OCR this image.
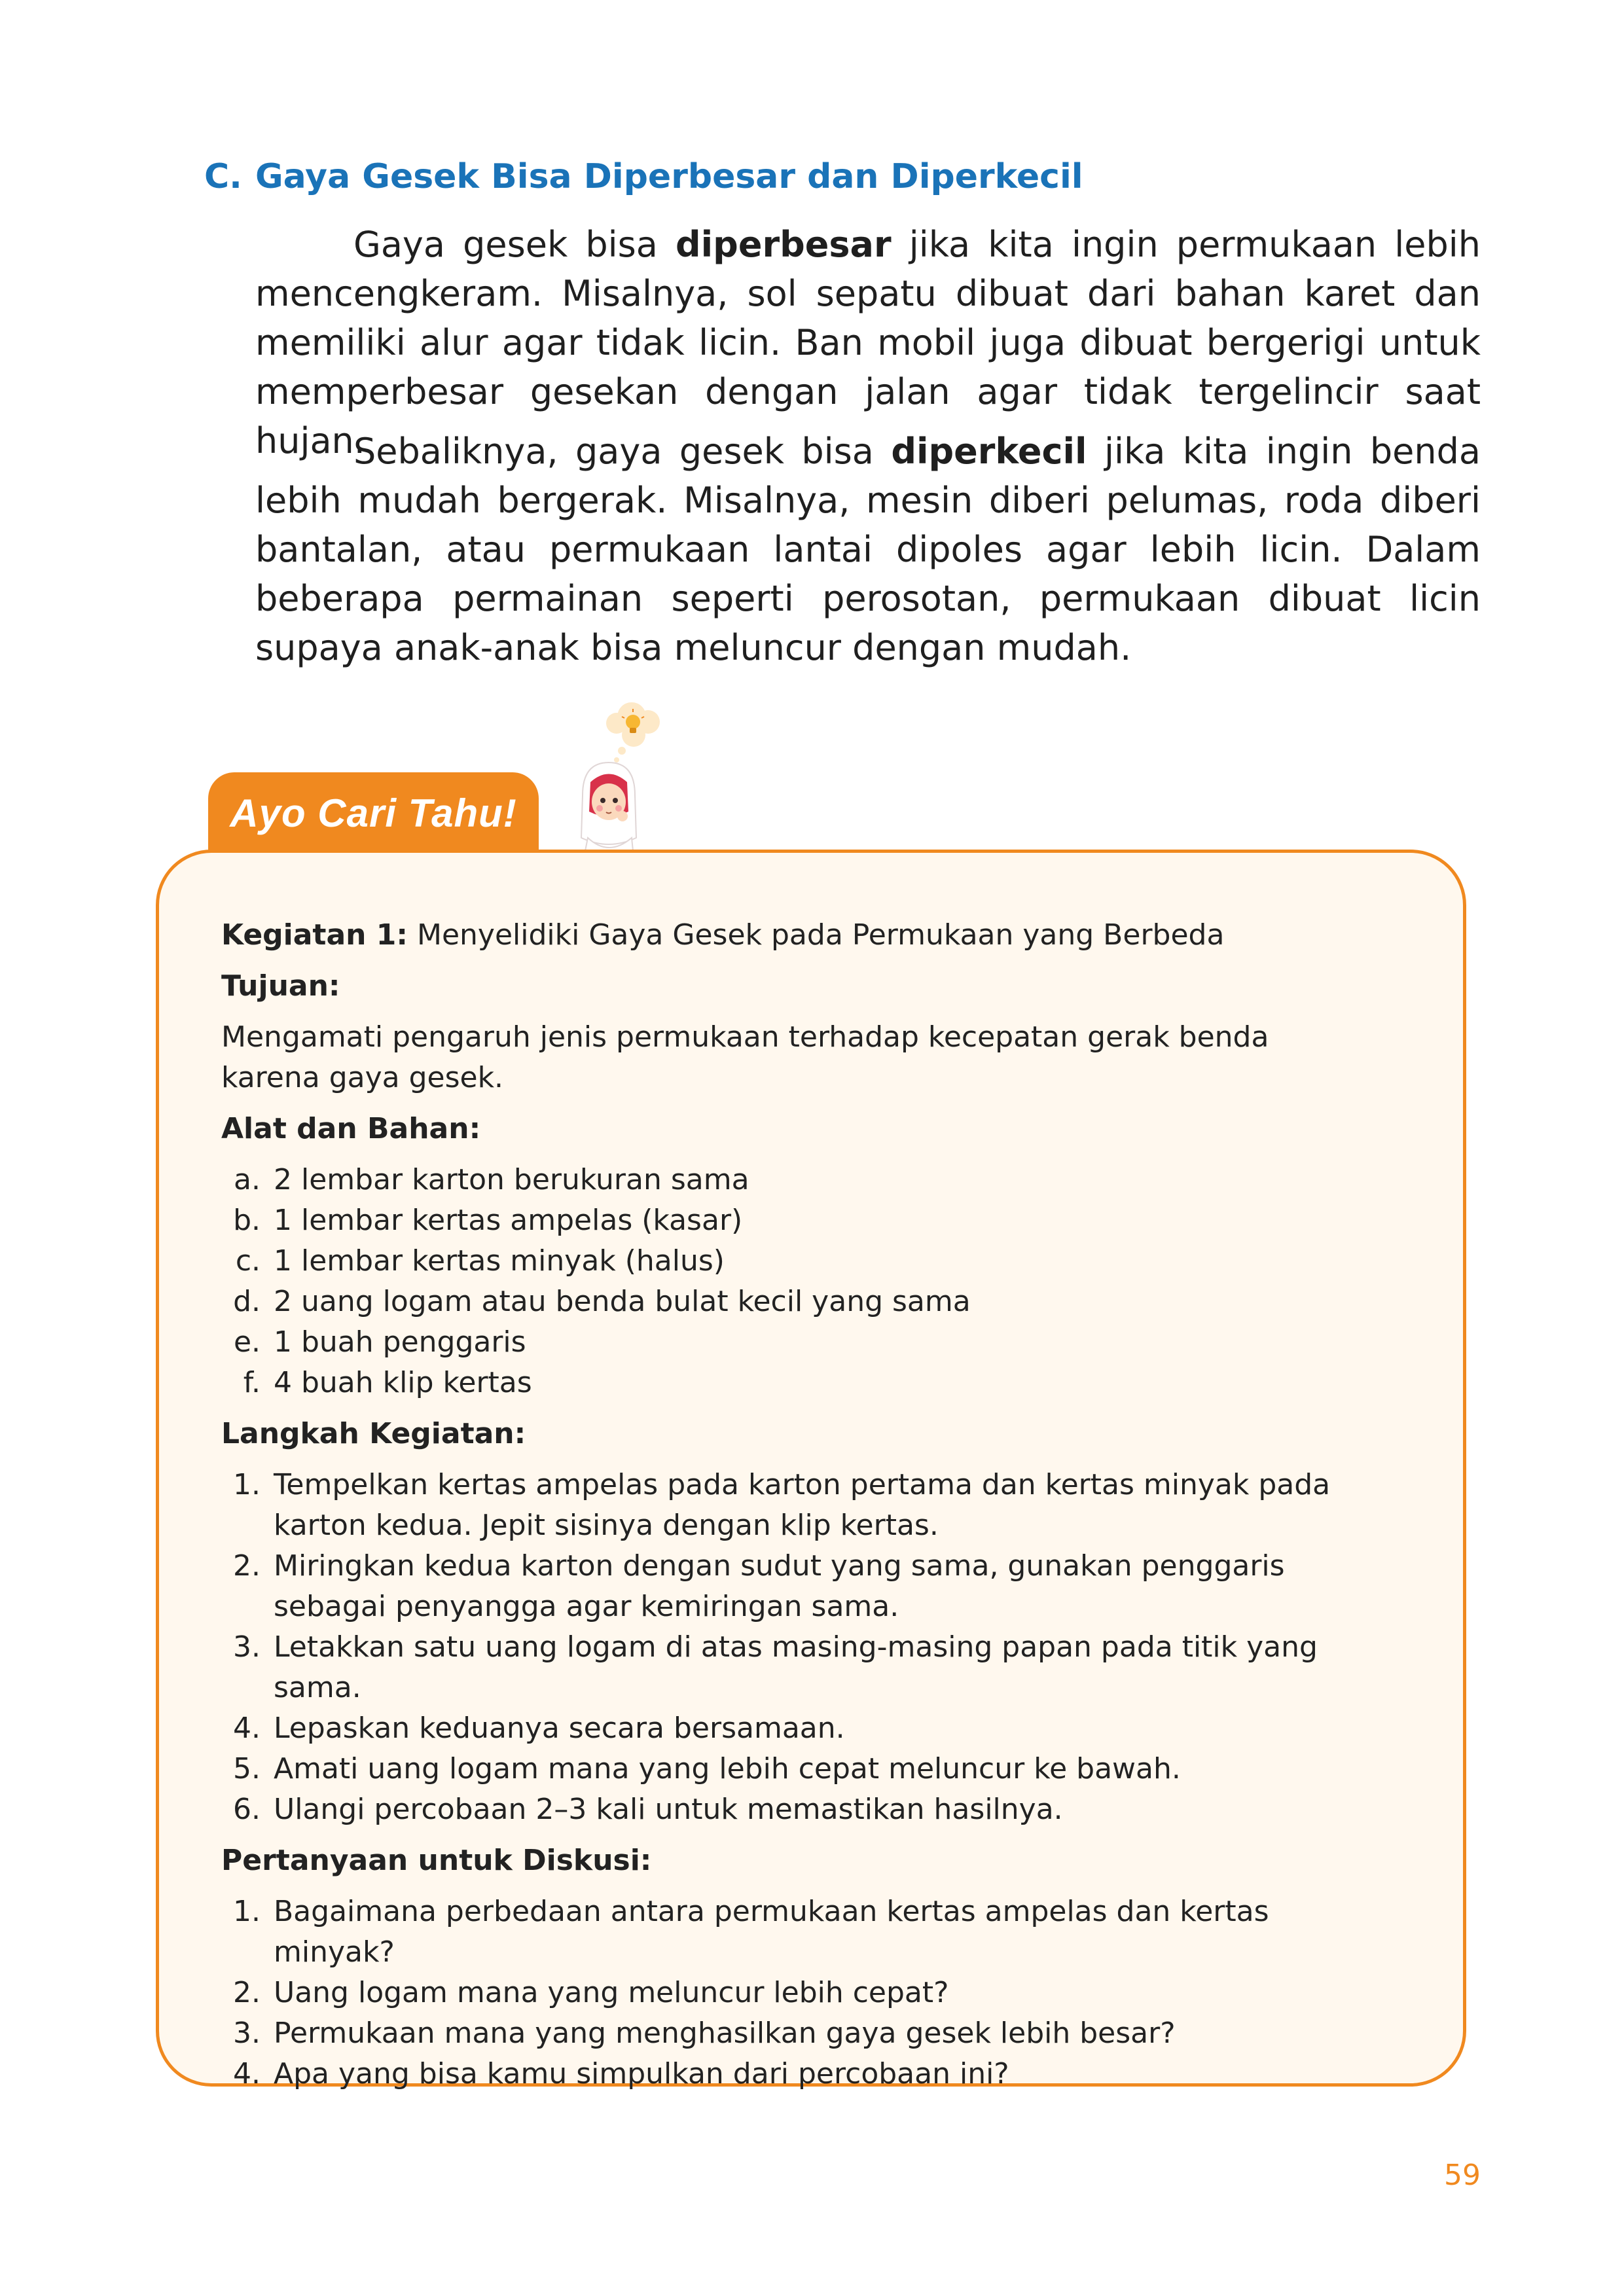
C. Gaya Gesek Bisa Diperbesar dan Diperkecil

Gaya gesek bisa diperbesar jika kita ingin permukaan lebih mencengkeram. Misalnya, sol sepatu dibuat dari bahan karet dan memiliki alur agar tidak licin. Ban mobil juga dibuat bergerigi untuk memperbesar gesekan dengan jalan agar tidak tergelincir saat hujan.

Sebaliknya, gaya gesek bisa diperkecil jika kita ingin benda lebih mudah bergerak. Misalnya, mesin diberi pelumas, roda diberi bantalan, atau permukaan lantai dipoles agar lebih licin. Dalam beberapa permainan seperti perosotan, permukaan dibuat licin supaya anak-anak bisa meluncur dengan mudah.

Ayo Cari Tahu!

Kegiatan 1: Menyelidiki Gaya Gesek pada Permukaan yang Berbeda

Tujuan:

Mengamati pengaruh jenis permukaan terhadap kecepatan gerak benda karena gaya gesek.

Alat dan Bahan:

a. 2 lembar karton berukuran sama
b. 1 lembar kertas ampelas (kasar)
c. 1 lembar kertas minyak (halus)
d. 2 uang logam atau benda bulat kecil yang sama
e. 1 buah penggaris
f. 4 buah klip kertas

Langkah Kegiatan:

1. Tempelkan kertas ampelas pada karton pertama dan kertas minyak pada karton kedua. Jepit sisinya dengan klip kertas.
2. Miringkan kedua karton dengan sudut yang sama, gunakan penggaris sebagai penyangga agar kemiringan sama.
3. Letakkan satu uang logam di atas masing-masing papan pada titik yang sama.
4. Lepaskan keduanya secara bersamaan.
5. Amati uang logam mana yang lebih cepat meluncur ke bawah.
6. Ulangi percobaan 2–3 kali untuk memastikan hasilnya.

Pertanyaan untuk Diskusi:

1. Bagaimana perbedaan antara permukaan kertas ampelas dan kertas minyak?
2. Uang logam mana yang meluncur lebih cepat?
3. Permukaan mana yang menghasilkan gaya gesek lebih besar?
4. Apa yang bisa kamu simpulkan dari percobaan ini?
59
